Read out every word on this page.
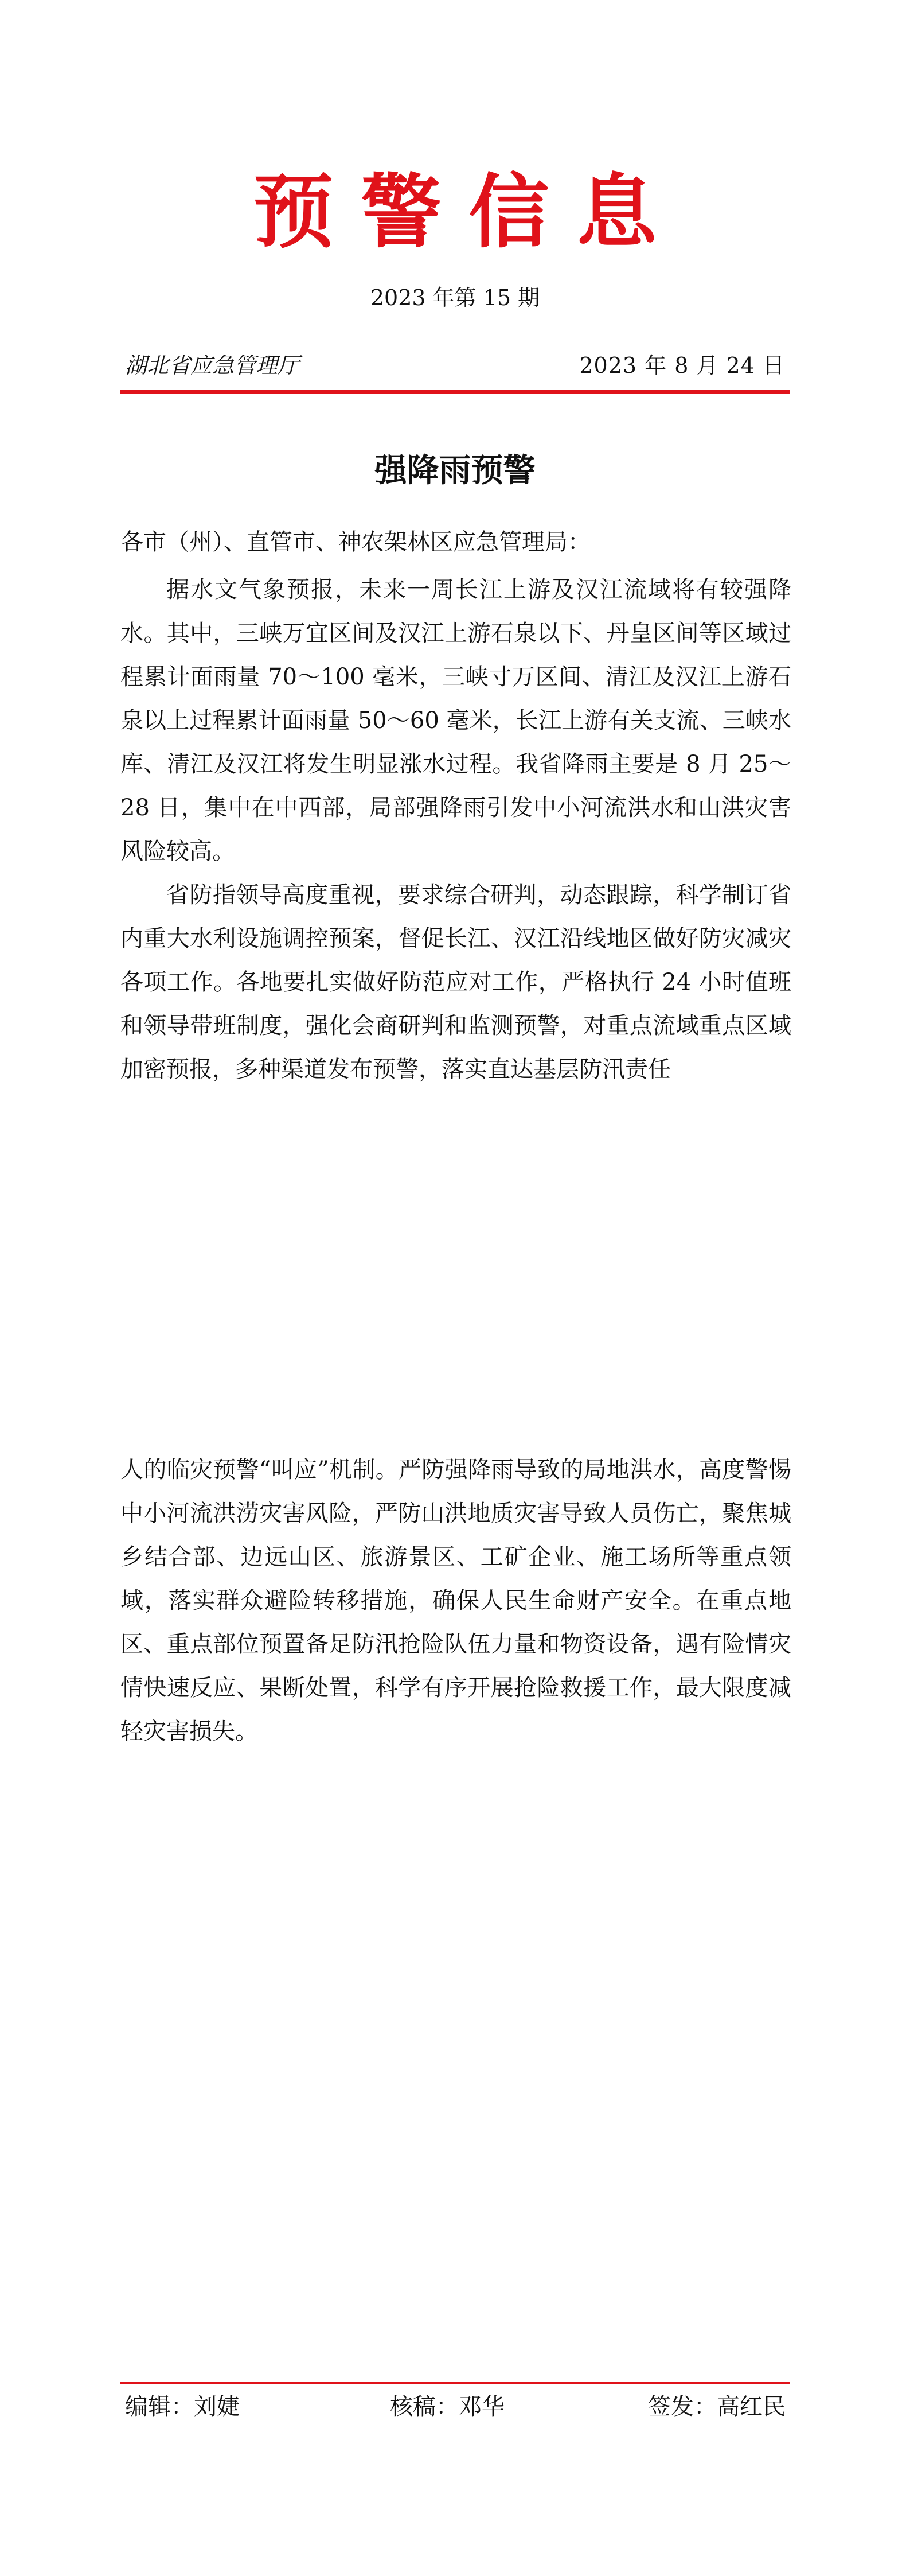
预警信息
2023 年第 15 期
湖北省应急管理厅	2023 年 8 月 24 日
强降雨预警
各市（州）、直管市、神农架林区应急管理局：

据水文气象预报，未来一周长江上游及汉江流域将有较强降水。其中，三峡万宜区间及汉江上游石泉以下、丹皇区间等区域过程累计面雨量 70～100 毫米，三峡寸万区间、清江及汉江上游石泉以上过程累计面雨量 50～60 毫米，长江上游有关支流、三峡水库、清江及汉江将发生明显涨水过程。我省降雨主要是 8 月 25～28 日，集中在中西部，局部强降雨引发中小河流洪水和山洪灾害风险较高。

省防指领导高度重视，要求综合研判，动态跟踪，科学制订省内重大水利设施调控预案，督促长江、汉江沿线地区做好防灾减灾各项工作。各地要扎实做好防范应对工作，严格执行 24 小时值班和领导带班制度，强化会商研判和监测预警，对重点流域重点区域加密预报，多种渠道发布预警，落实直达基层防汛责任

人的临灾预警“叫应”机制。严防强降雨导致的局地洪水，高度警惕中小河流洪涝灾害风险，严防山洪地质灾害导致人员伤亡，聚焦城乡结合部、边远山区、旅游景区、工矿企业、施工场所等重点领域，落实群众避险转移措施，确保人民生命财产安全。在重点地区、重点部位预置备足防汛抢险队伍力量和物资设备，遇有险情灾情快速反应、果断处置，科学有序开展抢险救援工作，最大限度减轻灾害损失。

编辑：刘婕	核稿：邓华	签发：高红民
